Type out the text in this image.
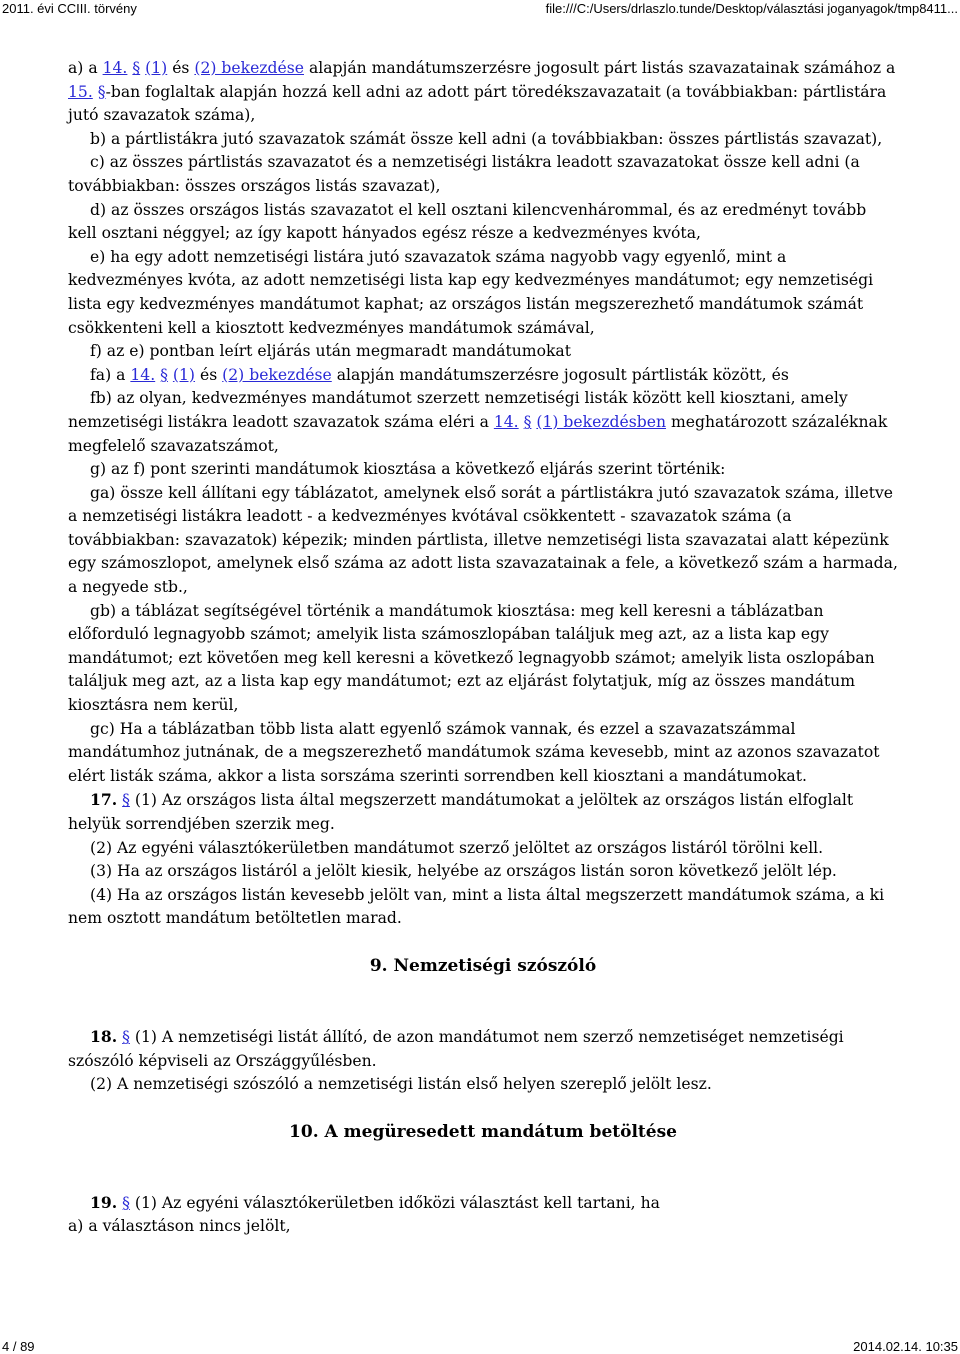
2011. évi CCIII. törvény	file:///C:/Users/drlaszlo.tunde/Desktop/választási joganyagok/tmp8411...

a) a 14. § (1) és (2) bekezdése alapján mandátumszerzésre jogosult párt listás szavazatainak számához a 15. §-ban foglaltak alapján hozzá kell adni az adott párt töredékszavazatait (a továbbiakban: pártlistára jutó szavazatok száma),

b) a pártlistákra jutó szavazatok számát össze kell adni (a továbbiakban: összes pártlistás szavazat),

c) az összes pártlistás szavazatot és a nemzetiségi listákra leadott szavazatokat össze kell adni (a továbbiakban: összes országos listás szavazat),

d) az összes országos listás szavazatot el kell osztani kilencvenhárommal, és az eredményt tovább kell osztani néggyel; az így kapott hányados egész része a kedvezményes kvóta,

e) ha egy adott nemzetiségi listára jutó szavazatok száma nagyobb vagy egyenlő, mint a kedvezményes kvóta, az adott nemzetiségi lista kap egy kedvezményes mandátumot; egy nemzetiségi lista egy kedvezményes mandátumot kaphat; az országos listán megszerezhető mandátumok számát csökkenteni kell a kiosztott kedvezményes mandátumok számával,

f) az e) pontban leírt eljárás után megmaradt mandátumokat

fa) a 14. § (1) és (2) bekezdése alapján mandátumszerzésre jogosult pártlisták között, és

fb) az olyan, kedvezményes mandátumot szerzett nemzetiségi listák között kell kiosztani, amely nemzetiségi listákra leadott szavazatok száma eléri a 14. § (1) bekezdésben meghatározott százaléknak megfelelő szavazatszámot,

g) az f) pont szerinti mandátumok kiosztása a következő eljárás szerint történik:

ga) össze kell állítani egy táblázatot, amelynek első sorát a pártlistákra jutó szavazatok száma, illetve a nemzetiségi listákra leadott - a kedvezményes kvótával csökkentett - szavazatok száma (a továbbiakban: szavazatok) képezik; minden pártlista, illetve nemzetiségi lista szavazatai alatt képezünk egy számoszlopot, amelynek első száma az adott lista szavazatainak a fele, a következő szám a harmada, a negyede stb.,

gb) a táblázat segítségével történik a mandátumok kiosztása: meg kell keresni a táblázatban előforduló legnagyobb számot; amelyik lista számoszlopában találjuk meg azt, az a lista kap egy mandátumot; ezt követően meg kell keresni a következő legnagyobb számot; amelyik lista oszlopában találjuk meg azt, az a lista kap egy mandátumot; ezt az eljárást folytatjuk, míg az összes mandátum kiosztásra nem kerül,

gc) Ha a táblázatban több lista alatt egyenlő számok vannak, és ezzel a szavazatszámmal mandátumhoz jutnának, de a megszerezhető mandátumok száma kevesebb, mint az azonos szavazatot elért listák száma, akkor a lista sorszáma szerinti sorrendben kell kiosztani a mandátumokat.

17. § (1) Az országos lista által megszerzett mandátumokat a jelöltek az országos listán elfoglalt helyük sorrendjében szerzik meg.

(2) Az egyéni választókerületben mandátumot szerző jelöltet az országos listáról törölni kell.

(3) Ha az országos listáról a jelölt kiesik, helyébe az országos listán soron következő jelölt lép.

(4) Ha az országos listán kevesebb jelölt van, mint a lista által megszerzett mandátumok száma, a ki nem osztott mandátum betöltetlen marad.

9. Nemzetiségi szószóló

18. § (1) A nemzetiségi listát állító, de azon mandátumot nem szerző nemzetiséget nemzetiségi szószóló képviseli az Országgyűlésben.

(2) A nemzetiségi szószóló a nemzetiségi listán első helyen szereplő jelölt lesz.

10. A megüresedett mandátum betöltése

19. § (1) Az egyéni választókerületben időközi választást kell tartani, ha

a) a választáson nincs jelölt,

4 / 89	2014.02.14. 10:35
